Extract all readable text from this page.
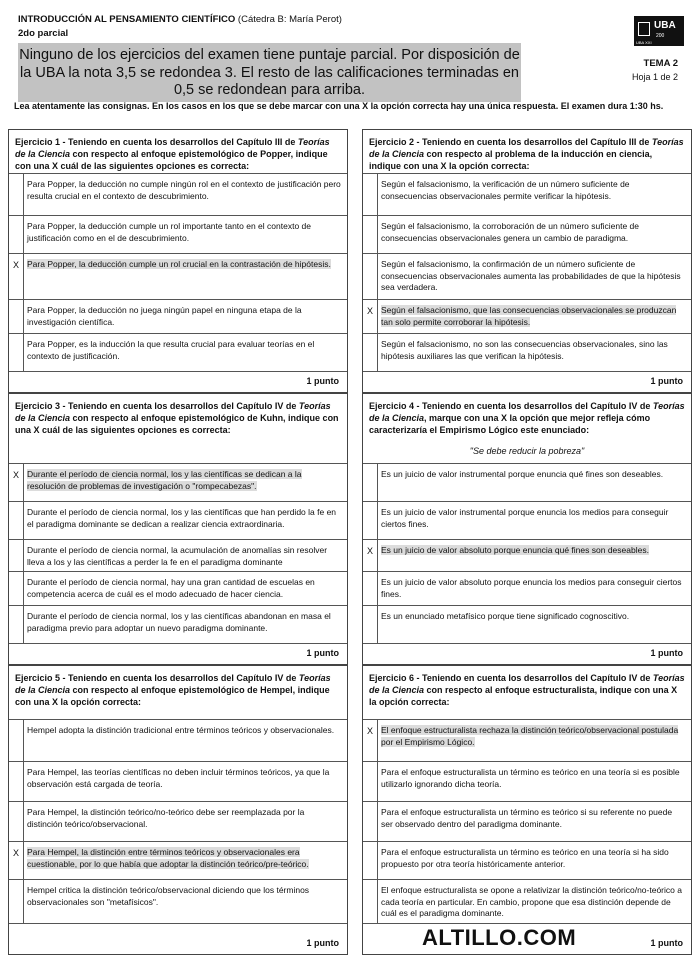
INTRODUCCIÓN AL PENSAMIENTO CIENTÍFICO (Cátedra B: María Perot)
2do parcial
Ninguno de los ejercicios del examen tiene puntaje parcial. Por disposición de la UBA la nota 3,5 se redondea 3. El resto de las calificaciones terminadas en 0,5 se redondean para arriba.
UBA
200
UBA XXI
TEMA 2
Hoja 1 de 2
Lea atentamente las consignas. En los casos en los que se debe marcar con una X la opción correcta hay una única respuesta. El examen dura 1:30 hs.
Ejercicio 1 - Teniendo en cuenta los desarrollos del Capítulo III de Teorías de la Ciencia con respecto al enfoque epistemológico de Popper, indique con una X cuál de las siguientes opciones es correcta:
Para Popper, la deducción no cumple ningún rol en el contexto de justificación pero resulta crucial en el contexto de descubrimiento.
Para Popper, la deducción cumple un rol importante tanto en el contexto de justificación como en el de descubrimiento.
X Para Popper, la deducción cumple un rol crucial en la contrastación de hipótesis.
Para Popper, la deducción no juega ningún papel en ninguna etapa de la investigación científica.
Para Popper, es la inducción la que resulta crucial para evaluar teorías en el contexto de justificación.
1 punto
Ejercicio 2 - Teniendo en cuenta los desarrollos del Capítulo III de Teorías de la Ciencia con respecto al problema de la inducción en ciencia, indique con una X la opción correcta:
Según el falsacionismo, la verificación de un número suficiente de consecuencias observacionales permite verificar la hipótesis.
Según el falsacionismo, la corroboración de un número suficiente de consecuencias observacionales genera un cambio de paradigma.
Según el falsacionismo, la confirmación de un número suficiente de consecuencias observacionales aumenta las probabilidades de que la hipótesis sea verdadera.
X Según el falsacionismo, que las consecuencias observacionales se produzcan tan solo permite corroborar la hipótesis.
Según el falsacionismo, no son las consecuencias observacionales, sino las hipótesis auxiliares las que verifican la hipótesis.
1 punto
Ejercicio 3 - Teniendo en cuenta los desarrollos del Capítulo IV de Teorías de la Ciencia con respecto al enfoque epistemológico de Kuhn, indique con una X cuál de las siguientes opciones es correcta:
X Durante el período de ciencia normal, los y las científicas se dedican a la resolución de problemas de investigación o "rompecabezas".
Durante el período de ciencia normal, los y las científicas que han perdido la fe en el paradigma dominante se dedican a realizar ciencia extraordinaria.
Durante el período de ciencia normal, la acumulación de anomalías sin resolver lleva a los y las científicas a perder la fe en el paradigma dominante
Durante el período de ciencia normal, hay una gran cantidad de escuelas en competencia acerca de cuál es el modo adecuado de hacer ciencia.
Durante el período de ciencia normal, los y las científicas abandonan en masa el paradigma previo para adoptar un nuevo paradigma dominante.
1 punto
Ejercicio 4 - Teniendo en cuenta los desarrollos del Capítulo IV de Teorías de la Ciencia, marque con una X la opción que mejor refleja cómo caracterizaría el Empirismo Lógico este enunciado:
"Se debe reducir la pobreza"
Es un juicio de valor instrumental porque enuncia qué fines son deseables.
Es un juicio de valor instrumental porque enuncia los medios para conseguir ciertos fines.
X Es un juicio de valor absoluto porque enuncia qué fines son deseables.
Es un juicio de valor absoluto porque enuncia los medios para conseguir ciertos fines.
Es un enunciado metafísico porque tiene significado cognoscitivo.
1 punto
Ejercicio 5 - Teniendo en cuenta los desarrollos del Capítulo IV de Teorías de la Ciencia con respecto al enfoque epistemológico de Hempel, indique con una X la opción correcta:
Hempel adopta la distinción tradicional entre términos teóricos y observacionales.
Para Hempel, las teorías científicas no deben incluir términos teóricos, ya que la observación está cargada de teoría.
Para Hempel, la distinción teórico/no-teórico debe ser reemplazada por la distinción teórico/observacional.
X Para Hempel, la distinción entre términos teóricos y observacionales era cuestionable, por lo que había que adoptar la distinción teórico/pre-teórico.
Hempel critica la distinción teórico/observacional diciendo que los términos observacionales son "metafísicos".
1 punto
Ejercicio 6 - Teniendo en cuenta los desarrollos del Capítulo IV de Teorías de la Ciencia con respecto al enfoque estructuralista, indique con una X la opción correcta:
X El enfoque estructuralista rechaza la distinción teórico/observacional postulada por el Empirismo Lógico.
Para el enfoque estructuralista un término es teórico en una teoría si es posible utilizarlo ignorando dicha teoría.
Para el enfoque estructuralista un término es teórico si su referente no puede ser observado dentro del paradigma dominante.
Para el enfoque estructuralista un término es teórico en una teoría si ha sido propuesto por otra teoría históricamente anterior.
El enfoque estructuralista se opone a relativizar la distinción teórico/no-teórico a cada teoría en particular. En cambio, propone que esa distinción depende de cuál es el paradigma dominante.
1 punto
ALTILLO.COM
